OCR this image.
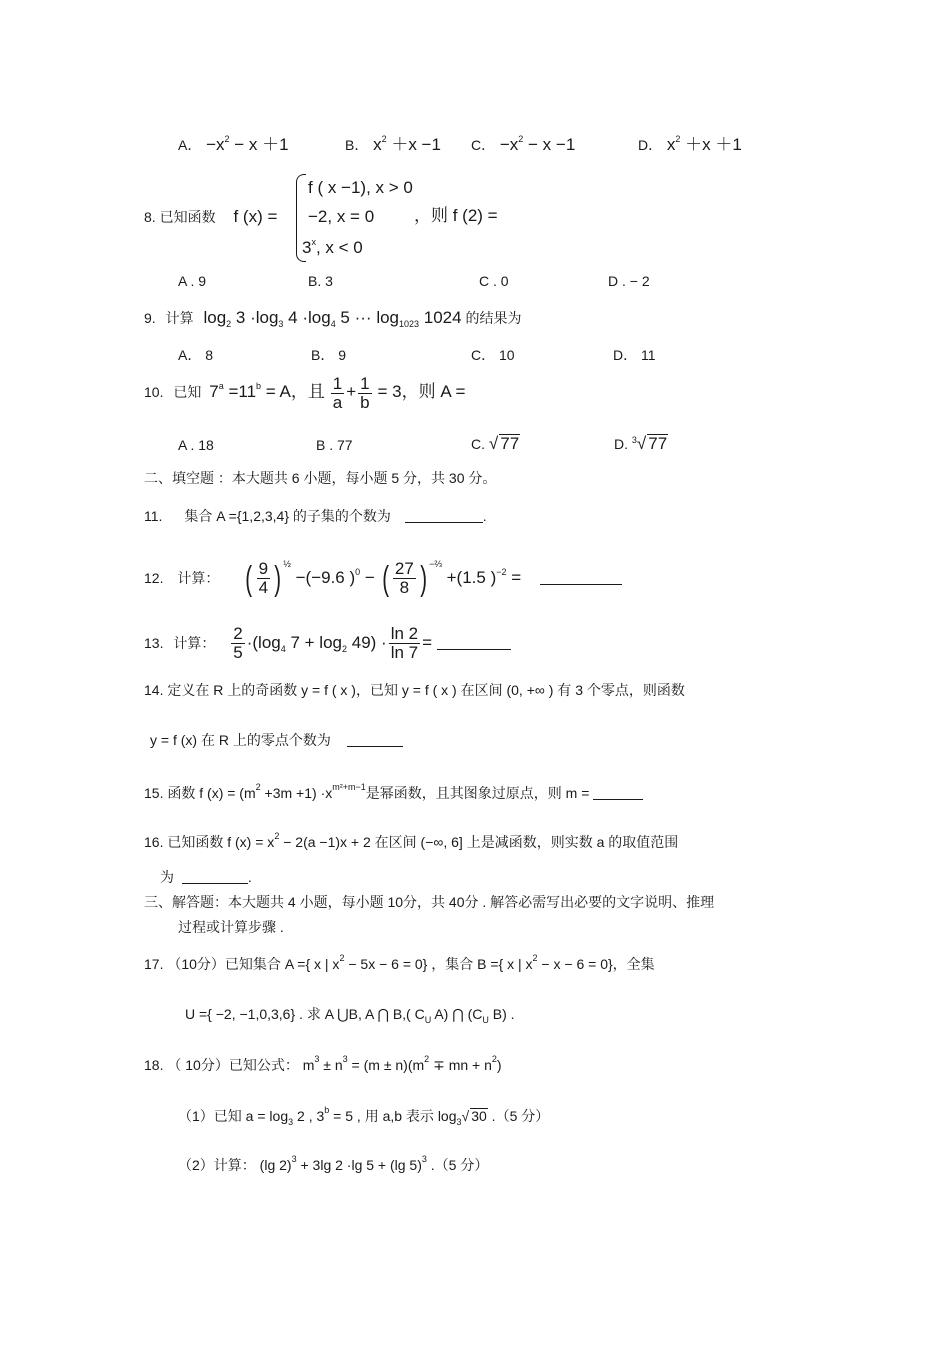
A． $-x^2 - x +1$	B． $x^2 +x -1$ C． $-x^2 - x -1$	D． $x^2 +x +1$
8. 已知函数 f (x) =
f ( x −1), x > 0
−2, x = 0
3$^x$, x < 0
，则 f (2) =
A . 9	B. 3	C . 0	D . − 2
9. 计算 $\log_2 3 \cdot\log_3$ $4 \cdot\log_4$ 5 ··· $\log_{1023} 1024$ 的结果为
A． 8	B． 9	C． 10	D． 11
10. 已知 $7^a =11^b = A$，且 $\frac{1}{a} + \frac{1}{b} = 3$，则 A =
A . 18	B . 77	C. √ 77	D. $^3$√ 77
二、填空题 ：本大题共 6 小题，每小题 5 分，共 30 分。
11. 集合 A ={1,2,3,4} 的子集的个数为	.
12. 计算： ( $\frac{9}{4}$ ) $^{\frac{1}{2}}$ −(−9.6 )$^0$ − ( $\frac{27}{8}$ ) $^{-\frac{2}{3}}$ +(1.5 )$^{-2}$ =
13. 计算： $\frac{2}{5} \cdot(\log_4$ $7 + \log_2 49) \cdot \frac{\ln 2}{\ln 7}$ =
14. 定义在 R 上的奇函数 y = f ( x )，已知 y = f ( x ) 在区间 (0, +∞ ) 有 3 个零点，则函数
y = f (x) 在 R 上的零点个数为
15. 函数 f $(x) = (m^2 +3m +1) \cdot x^{m^2+m-1}$是幂函数，且其图象过原点，则 m =
16. 已知函数 f $(x) = x^2 - 2(a -1)x + 2$ 在区间 (−∞, 6] 上是减函数，则实数 a 的取值范围
为	.
三、解答题：本大题共 4 小题，每小题 10分，共 40分 . 解答必需写出必要的文字说明、推理
过程或计算步骤 .
17. （10分）已知集合 A ={ x | $x^2 - 5x - 6 = 0$} ，集合 B ={ x | $x^2 - x - 6 = 0$}，全集
U ={ −2, −1,0,3,6} . 求 A ⋃B, A ⋂ B,( $C_U$ A) ⋂ ($C_U$ B) .
18. （ 10分）已知公式： $m^3 \pm n^3 = (m \pm n)(m^2$ ∓ mn + $n^2$)
（1）已知 $a = \log_3 2$ , $3^b = 5$ , 用 a,b 表示 $\log_3√$ 30 .（5 分）
（2）计算： (lg 2)$^3$ + 3lg 2 ·lg 5 + (lg 5)$^3$ .（5 分）
